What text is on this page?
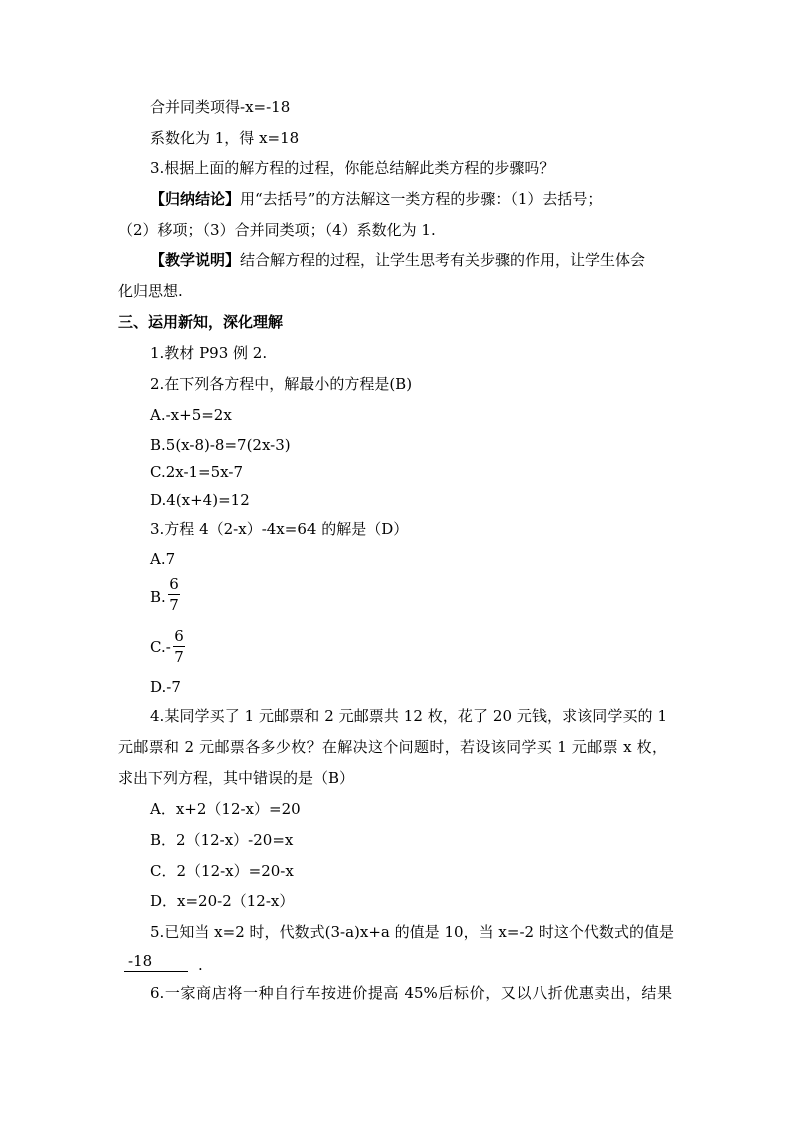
合并同类项得-x=-18
系数化为 1，得 x=18
3.根据上面的解方程的过程，你能总结解此类方程的步骤吗？
【归纳结论】用“去括号”的方法解这一类方程的步骤：（1）去括号；
（2）移项；（3）合并同类项；（4）系数化为 1.
【教学说明】结合解方程的过程，让学生思考有关步骤的作用，让学生体会
化归思想.
三、运用新知，深化理解
1.教材 P93 例 2.
2.在下列各方程中，解最小的方程是(B)
A.-x+5=2x
B.5(x-8)-8=7(2x-3)
C.2x-1=5x-7
D.4(x+4)=12
3.方程 4（2-x）-4x=64 的解是（D）
A.7
B.
6
7
C.-
6
7
D.-7
4.某同学买了 1 元邮票和 2 元邮票共 12 枚，花了 20 元钱，求该同学买的 1
元邮票和 2 元邮票各多少枚？在解决这个问题时，若设该同学买 1 元邮票 x 枚，
求出下列方程，其中错误的是（B）
A．x+2（12-x）=20
B．2（12-x）-20=x
C．2（12-x）=20-x
D．x=20-2（12-x）
5.已知当 x=2 时，代数式(3-a)x+a 的值是 10，当 x=-2 时这个代数式的值是
-18	.
6.一家商店将一种自行车按进价提高 45%后标价，又以八折优惠卖出，结果
